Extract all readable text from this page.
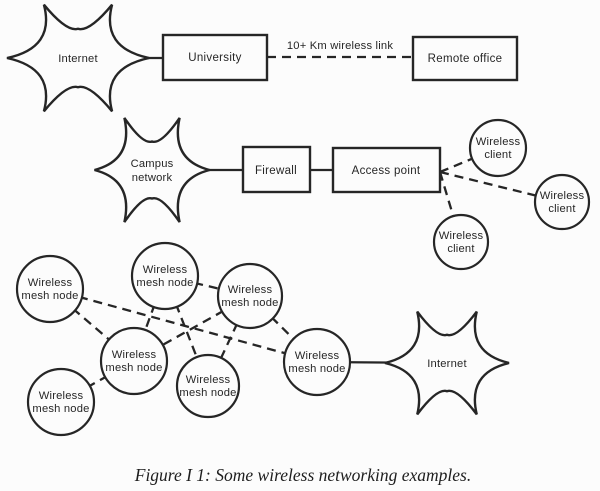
Internet	University
10+ Km wireless link
Remote office
Campus
network
Firewall	Access point
Wireless
client
Wireless
client
Wireless
client
Wireless
mesh node
Wireless
mesh node
Wireless
mesh node
Wireless
mesh node
Wireless
mesh node
Wireless
mesh node
Wireless
mesh node	Internet
Figure I 1: Some wireless networking examples.
